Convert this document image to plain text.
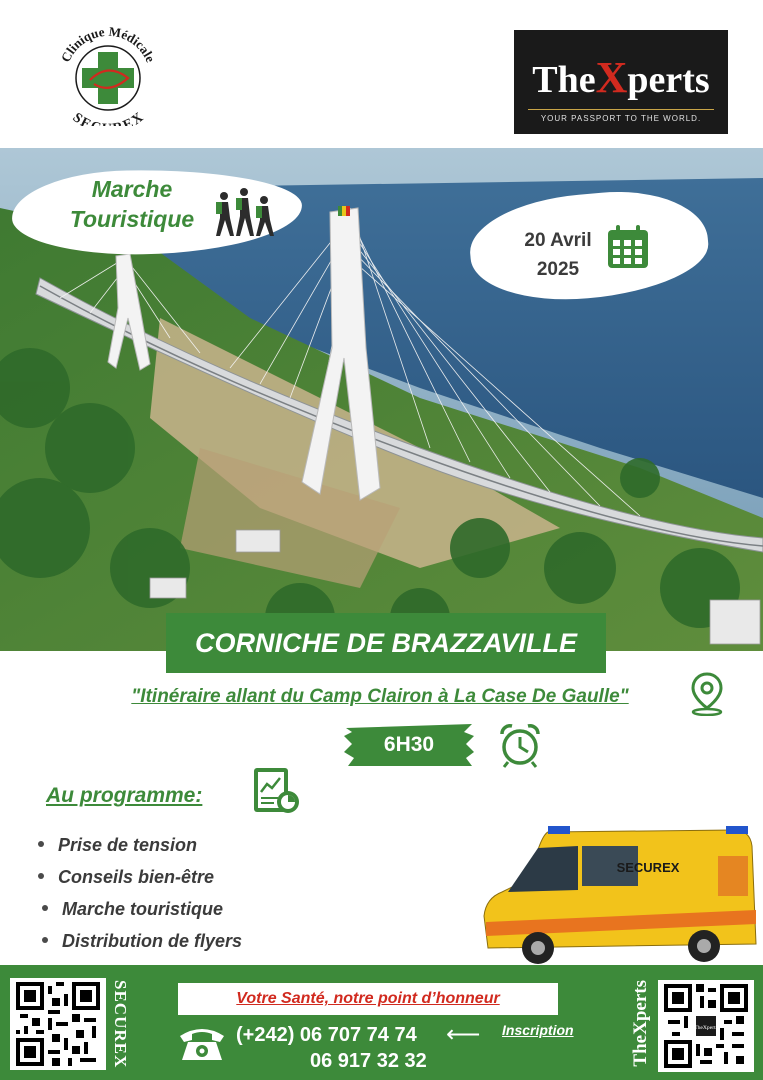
Clinique Médicale
SE EX
TheXperts
YOUR PASSPORT TO THE WORLD.
Marche Touristique
20 Avril
2025
CORNICHE DE BRAZZAVILLE
"Itinéraire allant du Camp Clairon à La Case De Gaulle"
6H30
Au programme:
Prise de tension
Conseils bien-être
Marche touristique
Distribution de flyers
SECUREX
SECUREX	Votre Santé, notre point d’honneur
(+242) 06 707 74 74
06 917 32 32
⟵ Inscription	TheXperts	TheXperts
